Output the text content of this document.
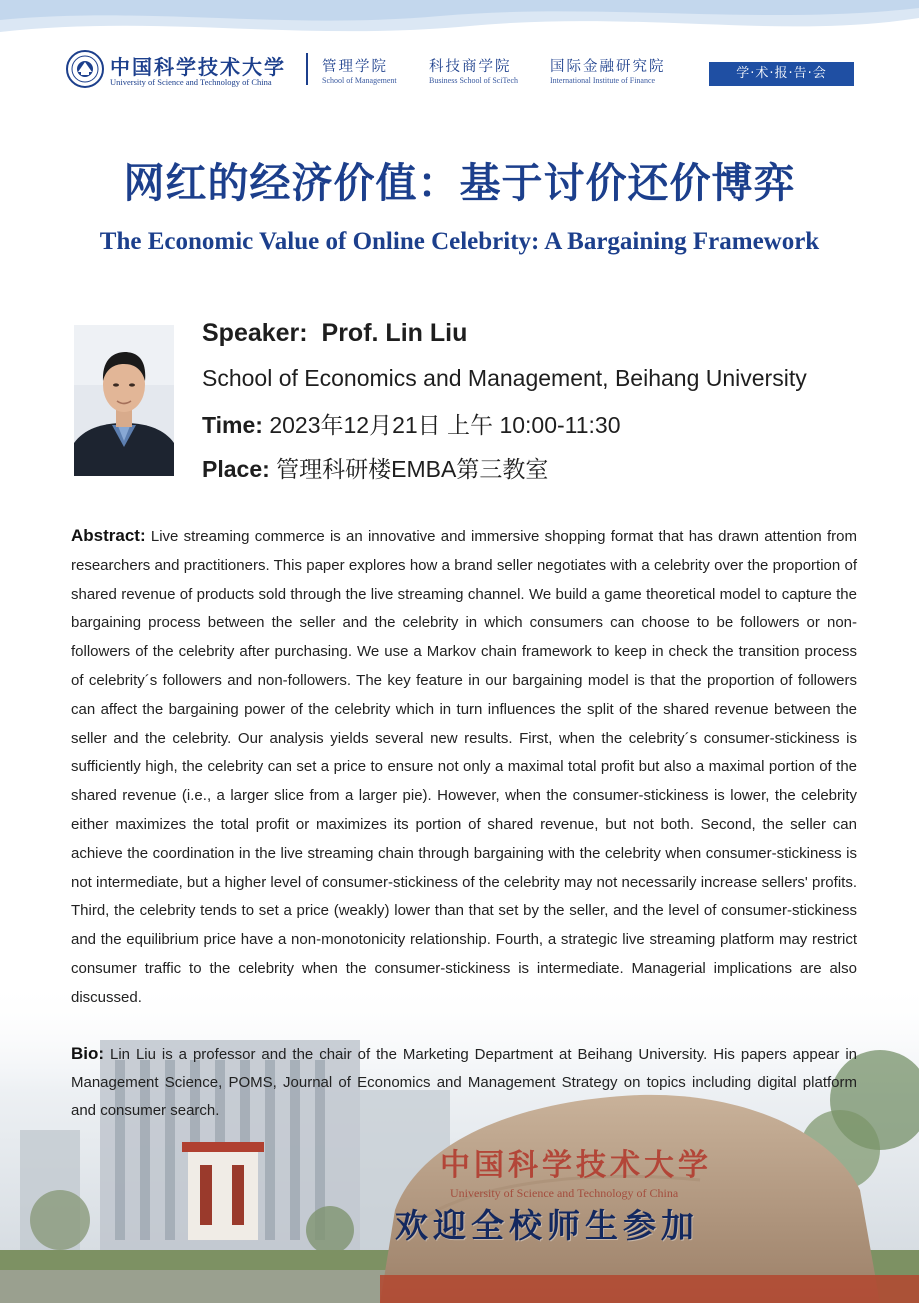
中国科学技术大学
University of Science and Technology of China
管理学院
School of Management
科技商学院
Business School of SciTech
国际金融研究院
International Institute of Finance	学·术·报·告·会
网红的经济价值：基于讨价还价博弈
The Economic Value of Online Celebrity: A Bargaining Framework
Speaker: Prof. Lin Liu
School of Economics and Management, Beihang University
Time: 2023年12月21日 上午 10:00-11:30
Place: 管理科研楼EMBA第三教室
中国科学技术大学
University of Science and Technology of China

Abstract: Live streaming commerce is an innovative and immersive shopping format that has drawn attention from researchers and practitioners. This paper explores how a brand seller negotiates with a celebrity over the proportion of shared revenue of products sold through the live streaming channel. We build a game theoretical model to capture the bargaining process between the seller and the celebrity in which consumers can choose to be followers or non-followers of the celebrity after purchasing. We use a Markov chain framework to keep in check the transition process of celebrity´s followers and non-followers. The key feature in our bargaining model is that the proportion of followers can affect the bargaining power of the celebrity which in turn influences the split of the shared revenue between the seller and the celebrity. Our analysis yields several new results. First, when the celebrity´s consumer-stickiness is sufficiently high, the celebrity can set a price to ensure not only a maximal total profit but also a maximal portion of the shared revenue (i.e., a larger slice from a larger pie). However, when the consumer-stickiness is lower, the celebrity either maximizes the total profit or maximizes its portion of shared revenue, but not both. Second, the seller can achieve the coordination in the live streaming chain through bargaining with the celebrity when consumer-stickiness is not intermediate, but a higher level of consumer-stickiness of the celebrity may not necessarily increase sellers' profits. Third, the celebrity tends to set a price (weakly) lower than that set by the seller, and the level of consumer-stickiness and the equilibrium price have a non-monotonicity relationship. Fourth, a strategic live streaming platform may restrict consumer traffic to the celebrity when the consumer-stickiness is intermediate. Managerial implications are also discussed.

Bio: Lin Liu is a professor and the chair of the Marketing Department at Beihang University. His papers appear in Management Science, POMS, Journal of Economics and Management Strategy on topics including digital platform and consumer search.

欢迎全校师生参加
